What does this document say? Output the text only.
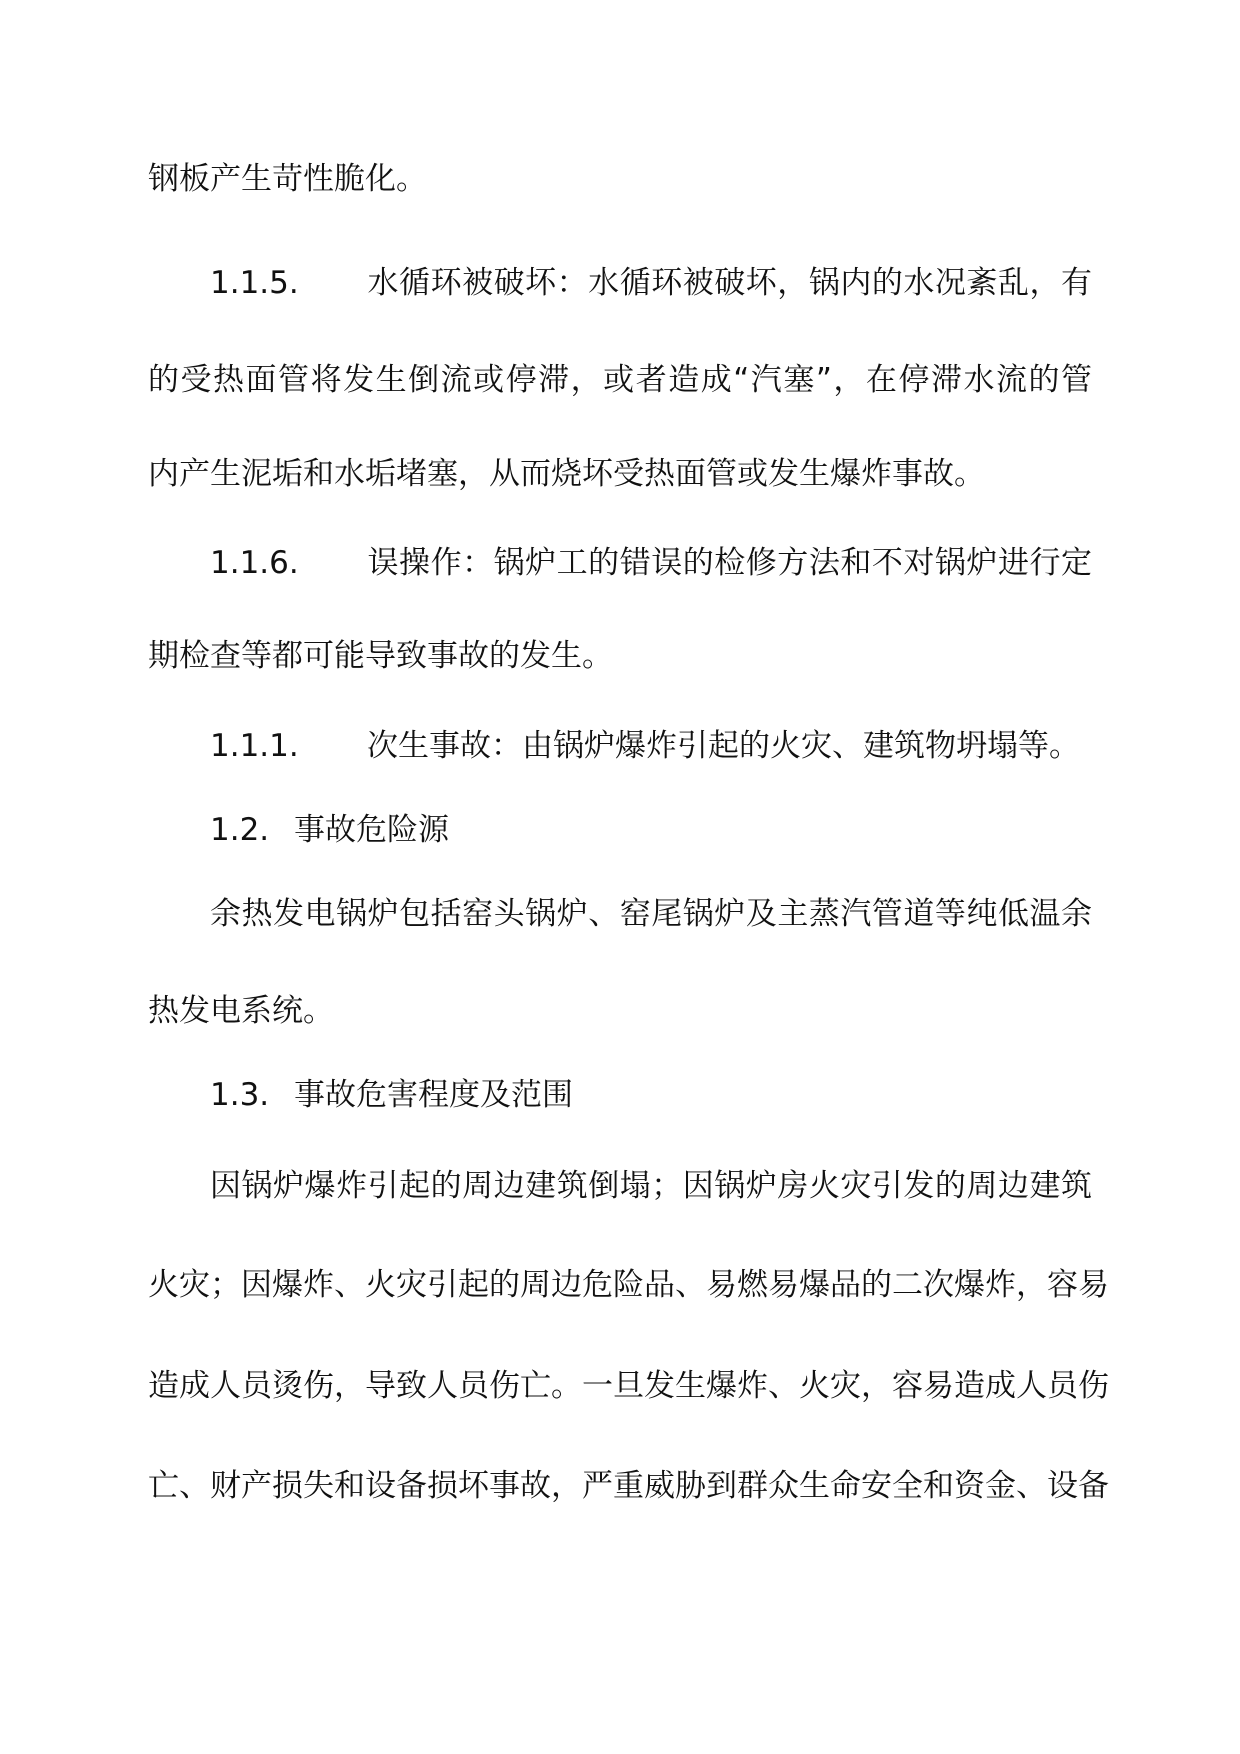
钢板产生苛性脆化。
1.1.5. 水循环被破坏：水循环被破坏，锅内的水况紊乱，有
的受热面管将发生倒流或停滞，或者造成“汽塞”，在停滞水流的管
内产生泥垢和水垢堵塞，从而烧坏受热面管或发生爆炸事故。
1.1.6. 误操作：锅炉工的错误的检修方法和不对锅炉进行定
期检查等都可能导致事故的发生。
1.1.1. 次生事故：由锅炉爆炸引起的火灾、建筑物坍塌等。
1.2. 事故危险源
余热发电锅炉包括窑头锅炉、窑尾锅炉及主蒸汽管道等纯低温余
热发电系统。
1.3. 事故危害程度及范围
因锅炉爆炸引起的周边建筑倒塌；因锅炉房火灾引发的周边建筑
火灾；因爆炸、火灾引起的周边危险品、易燃易爆品的二次爆炸，容易
造成人员烫伤，导致人员伤亡。一旦发生爆炸、火灾，容易造成人员伤
亡、财产损失和设备损坏事故，严重威胁到群众生命安全和资金、设备
